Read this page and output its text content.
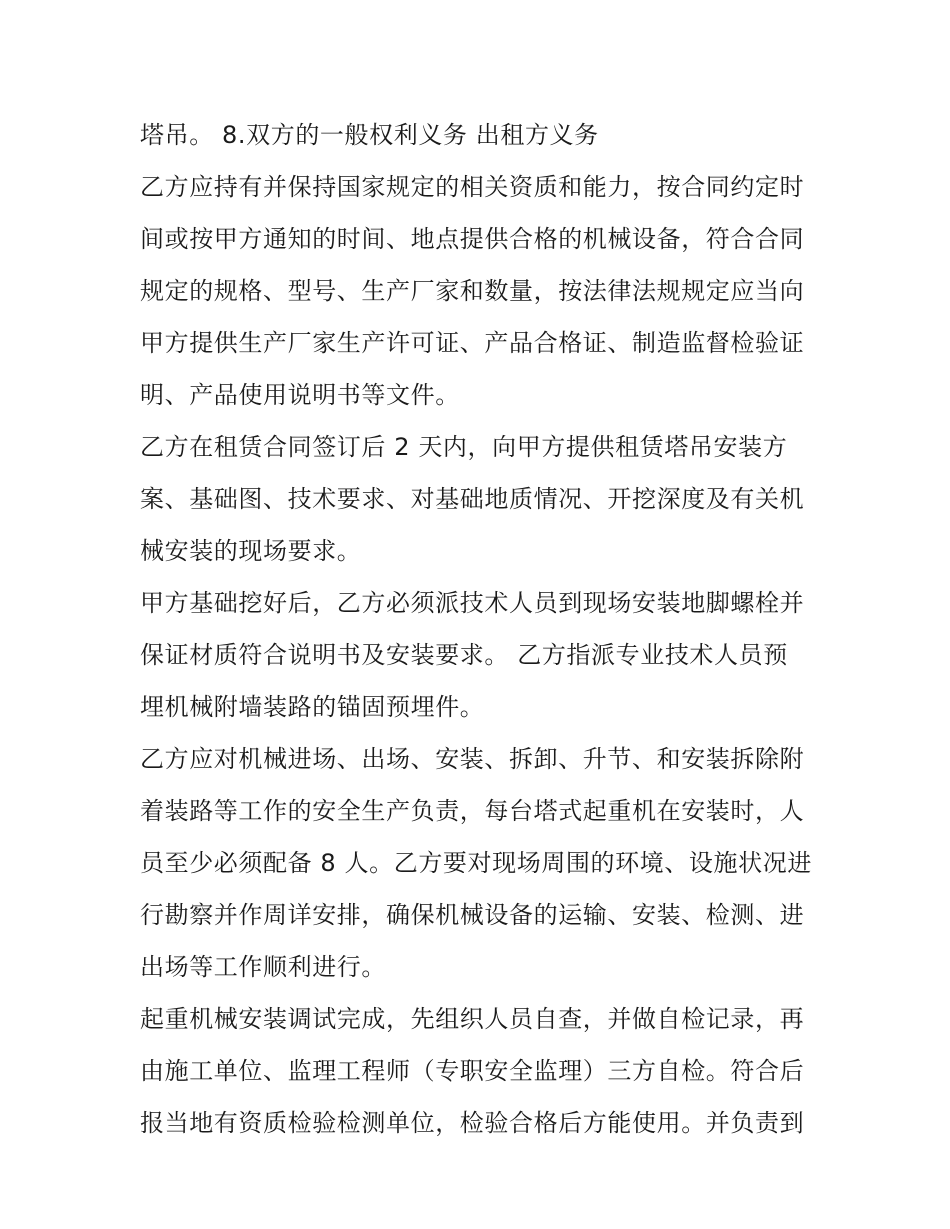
塔吊。 8.双方的一般权利义务 出租方义务
乙方应持有并保持国家规定的相关资质和能力，按合同约定时
间或按甲方通知的时间、地点提供合格的机械设备，符合合同
规定的规格、型号、生产厂家和数量，按法律法规规定应当向
甲方提供生产厂家生产许可证、产品合格证、制造监督检验证
明、产品使用说明书等文件。
乙方在租赁合同签订后 2 天内，向甲方提供租赁塔吊安装方
案、基础图、技术要求、对基础地质情况、开挖深度及有关机
械安装的现场要求。
甲方基础挖好后，乙方必须派技术人员到现场安装地脚螺栓并
保证材质符合说明书及安装要求。 乙方指派专业技术人员预
埋机械附墙装路的锚固预埋件。
乙方应对机械进场、出场、安装、拆卸、升节、和安装拆除附
着装路等工作的安全生产负责，每台塔式起重机在安装时，人
员至少必须配备 8 人。乙方要对现场周围的环境、设施状况进
行勘察并作周详安排，确保机械设备的运输、安装、检测、进
出场等工作顺利进行。
起重机械安装调试完成，先组织人员自查，并做自检记录，再
由施工单位、监理工程师（专职安全监理）三方自检。符合后
报当地有资质检验检测单位，检验合格后方能使用。并负责到
